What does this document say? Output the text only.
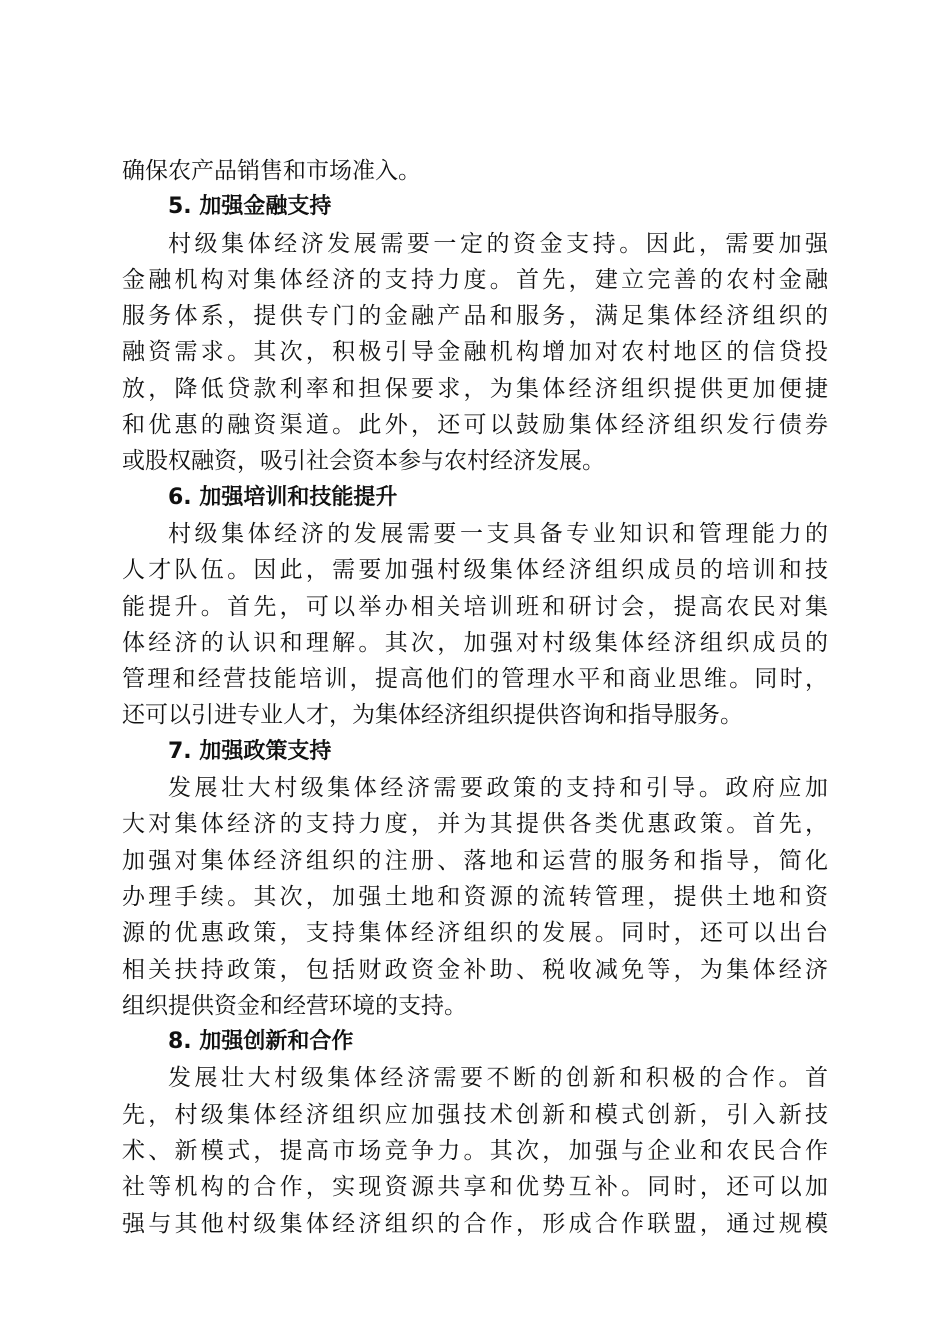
确保农产品销售和市场准入。
5. 加强金融支持
村级集体经济发展需要一定的资金支持。因此，需要加强
金融机构对集体经济的支持力度。首先，建立完善的农村金融
服务体系，提供专门的金融产品和服务，满足集体经济组织的
融资需求。其次，积极引导金融机构增加对农村地区的信贷投
放，降低贷款利率和担保要求，为集体经济组织提供更加便捷
和优惠的融资渠道。此外，还可以鼓励集体经济组织发行债券
或股权融资，吸引社会资本参与农村经济发展。
6. 加强培训和技能提升
村级集体经济的发展需要一支具备专业知识和管理能力的
人才队伍。因此，需要加强村级集体经济组织成员的培训和技
能提升。首先，可以举办相关培训班和研讨会，提高农民对集
体经济的认识和理解。其次，加强对村级集体经济组织成员的
管理和经营技能培训，提高他们的管理水平和商业思维。同时，
还可以引进专业人才，为集体经济组织提供咨询和指导服务。
7. 加强政策支持
发展壮大村级集体经济需要政策的支持和引导。政府应加
大对集体经济的支持力度，并为其提供各类优惠政策。首先，
加强对集体经济组织的注册、落地和运营的服务和指导，简化
办理手续。其次，加强土地和资源的流转管理，提供土地和资
源的优惠政策，支持集体经济组织的发展。同时，还可以出台
相关扶持政策，包括财政资金补助、税收减免等，为集体经济
组织提供资金和经营环境的支持。
8. 加强创新和合作
发展壮大村级集体经济需要不断的创新和积极的合作。首
先，村级集体经济组织应加强技术创新和模式创新，引入新技
术、新模式，提高市场竞争力。其次，加强与企业和农民合作
社等机构的合作，实现资源共享和优势互补。同时，还可以加
强与其他村级集体经济组织的合作，形成合作联盟，通过规模
